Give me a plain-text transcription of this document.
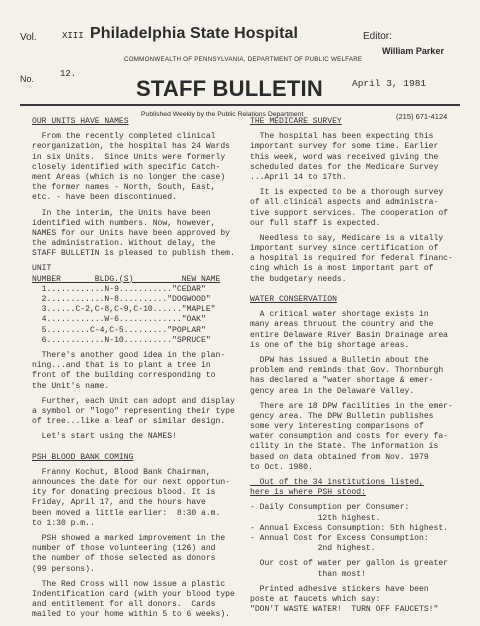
Vol.	XIII Philadelphia State Hospital	Editor:
William Parker
COMMONWEALTH OF PENNSYLVANIA, DEPARTMENT OF PUBLIC WELFARE
No.	12.
STAFF BULLETIN	April 3, 1981
Published Weekly by the Public Relations Department	(215) 671-4124
OUR UNITS HAVE NAMES
From the recently completed clinical
reorganization, the hospital has 24 Wards
in six Units.  Since Units were formerly
closely identified with specific Catch-
ment Areas (which is no longer the case)
the former names - North, South, East,
etc. - have been discontinued.
In the interim, the Units have been
identified with numbers. Now, however,
NAMES for our Units have been approved by
the administration. Without delay, the
STAFF BULLETIN is pleased to publish them.
UNIT
NUMBER       BLDG.(S)          NEW NAME
1............N-9..........."CEDAR"
2............N-8.........."DOGWOOD"
3......C-2,C-8,C-9,C-10......"MAPLE"
4............W-6............."OAK"
5.........C-4,C-5........."POPLAR"
6............N-10.........."SPRUCE"
There's another good idea in the plan-
ning...and that is to plant a tree in
front of the building corresponding to
the Unit's name.
Further, each Unit can adopt and display
a symbol or "logo" representing their type
of tree...like a leaf or similar design.
Let's start using the NAMES!
PSH BLOOD BANK COMING
Franny Kochut, Blood Bank Chairman,
announces the date for our next opportun-
ity for donating precious blood. It is
Friday, April 17, and the hours have
been moved a little earlier:  8:30 a.m.
to 1:30 p.m..
PSH showed a marked improvement in the
number of those volunteering (126) and
the number of those selected as donors
(99 persons).
The Red Cross will now issue a plastic
Indentification card (with your blood type
and entitlement for all donors.  Cards
mailed to your home within 5 to 6 weeks).
THE MEDICARE SURVEY
The hospital has been expecting this
important survey for some time. Earlier
this week, word was received giving the
scheduled dates for the Medicare Survey
...April 14 to 17th.
It is expected to be a thorough survey
of all clinical aspects and administra-
tive support services. The cooperation of
our full staff is expected.
Needless to say, Medicare is a vitally
important survey since certification of
a hospital is required for federal financ-
cing which is a most important part of
the budgetary needs.
WATER CONSERVATION
A critical water shortage exists in
many areas thruout the country and the
entire Delaware River Basin Drainage area
is one of the big shortage areas.
DPW has issued a Bulletin about the
problem and reminds that Gov. Thornburgh
has declared a "water shortage & emer-
gency area in the Delaware Valley.
There are 18 DPW facilities in the emer-
gency area. The DPW Bulletin publishes
some very interesting comparisons of
water consumption and costs for every fa-
cility in the State. The information is
based on data obtained from Nov. 1979
to Oct. 1980.
Out of the 34 institutions listed,
here is where PSH stood:
- Daily Consumption per Consumer:
12th highest.
- Annual Excess Consumption: 5th highest.
- Annual Cost for Excess Consumption:
2nd highest.
Our cost of water per gallon is greater
than most!
Printed adhesive stickers have been
poste at faucets which say:
"DON'T WASTE WATER!  TURN OFF FAUCETS!"
